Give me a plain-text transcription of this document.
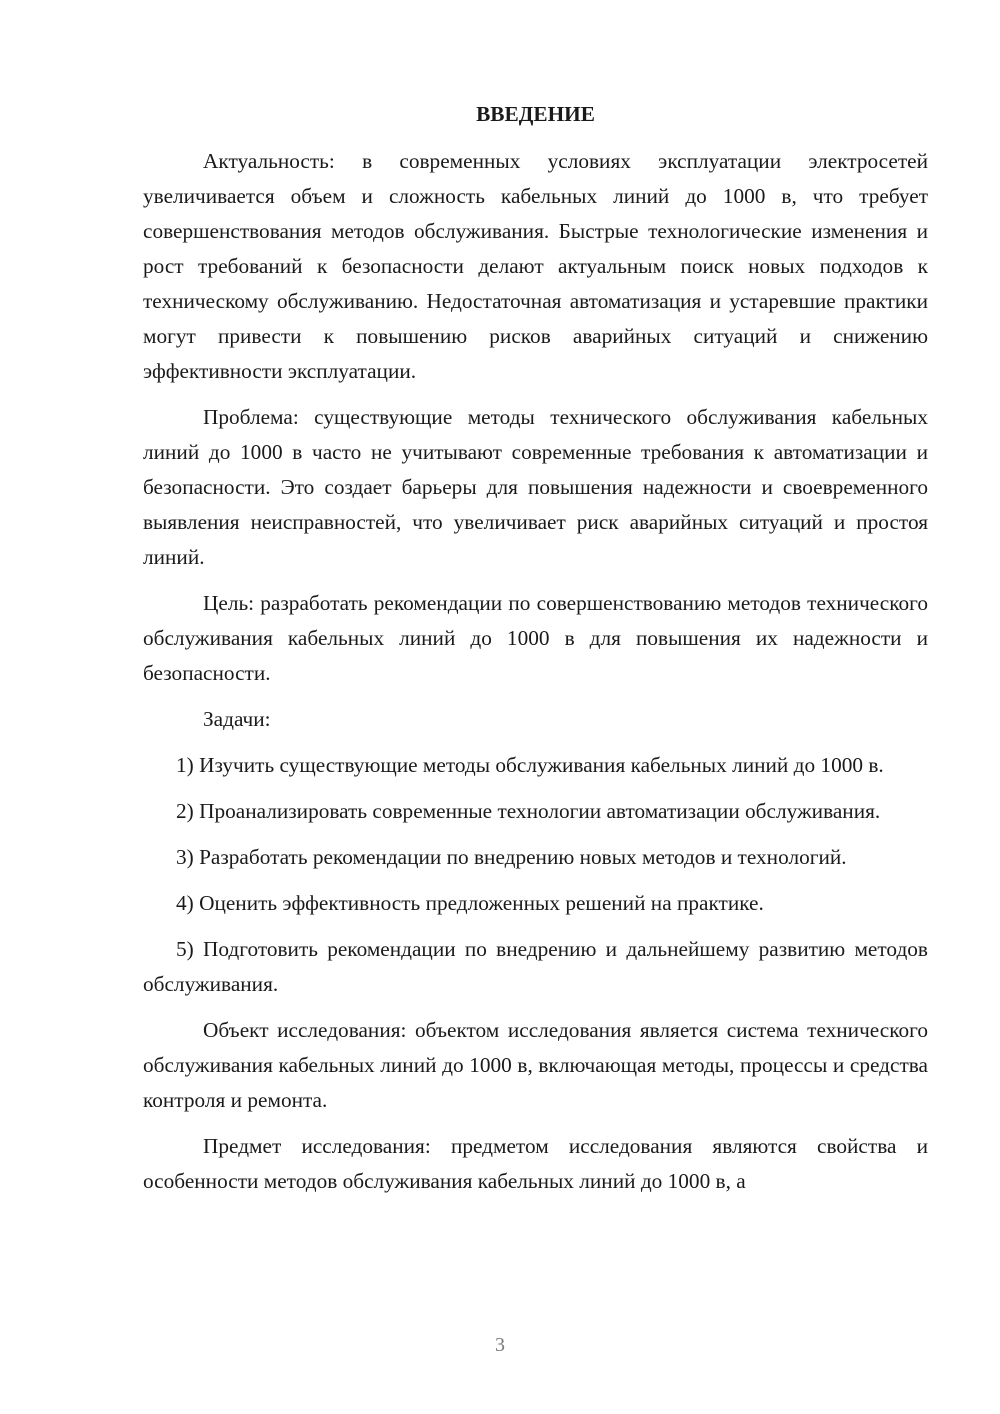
ВВЕДЕНИЕ

Актуальность: в современных условиях эксплуатации электросетей увеличивается объем и сложность кабельных линий до 1000 в, что требует совершенствования методов обслуживания. Быстрые технологические изменения и рост требований к безопасности делают актуальным поиск новых подходов к техническому обслуживанию. Недостаточная автоматизация и устаревшие практики могут привести к повышению рисков аварийных ситуаций и снижению эффективности эксплуатации.

Проблема: существующие методы технического обслуживания кабельных линий до 1000 в часто не учитывают современные требования к автоматизации и безопасности. Это создает барьеры для повышения надежности и своевременного выявления неисправностей, что увеличивает риск аварийных ситуаций и простоя линий.

Цель: разработать рекомендации по совершенствованию методов технического обслуживания кабельных линий до 1000 в для повышения их надежности и безопасности.

Задачи:

1) Изучить существующие методы обслуживания кабельных линий до 1000 в.

2) Проанализировать современные технологии автоматизации обслуживания.

3) Разработать рекомендации по внедрению новых методов и технологий.

4) Оценить эффективность предложенных решений на практике.

5) Подготовить рекомендации по внедрению и дальнейшему развитию методов обслуживания.

Объект исследования: объектом исследования является система технического обслуживания кабельных линий до 1000 в, включающая методы, процессы и средства контроля и ремонта.

Предмет исследования: предметом исследования являются свойства и особенности методов обслуживания кабельных линий до 1000 в, а

3
